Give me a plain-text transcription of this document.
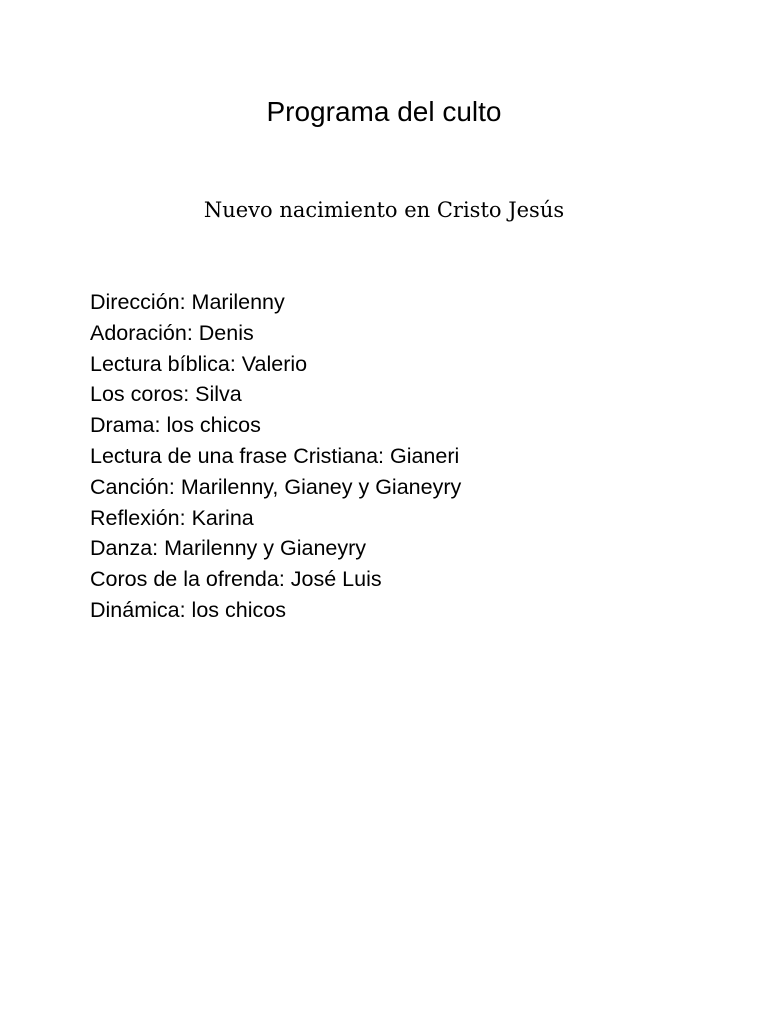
Programa del culto
Nuevo nacimiento en Cristo Jesús
Dirección: Marilenny
Adoración: Denis
Lectura bíblica: Valerio
Los coros: Silva
Drama: los chicos
Lectura de una frase Cristiana: Gianeri
Canción: Marilenny, Gianey y Gianeyry
Reflexión: Karina
Danza: Marilenny y Gianeyry
Coros de la ofrenda: José Luis
Dinámica: los chicos
